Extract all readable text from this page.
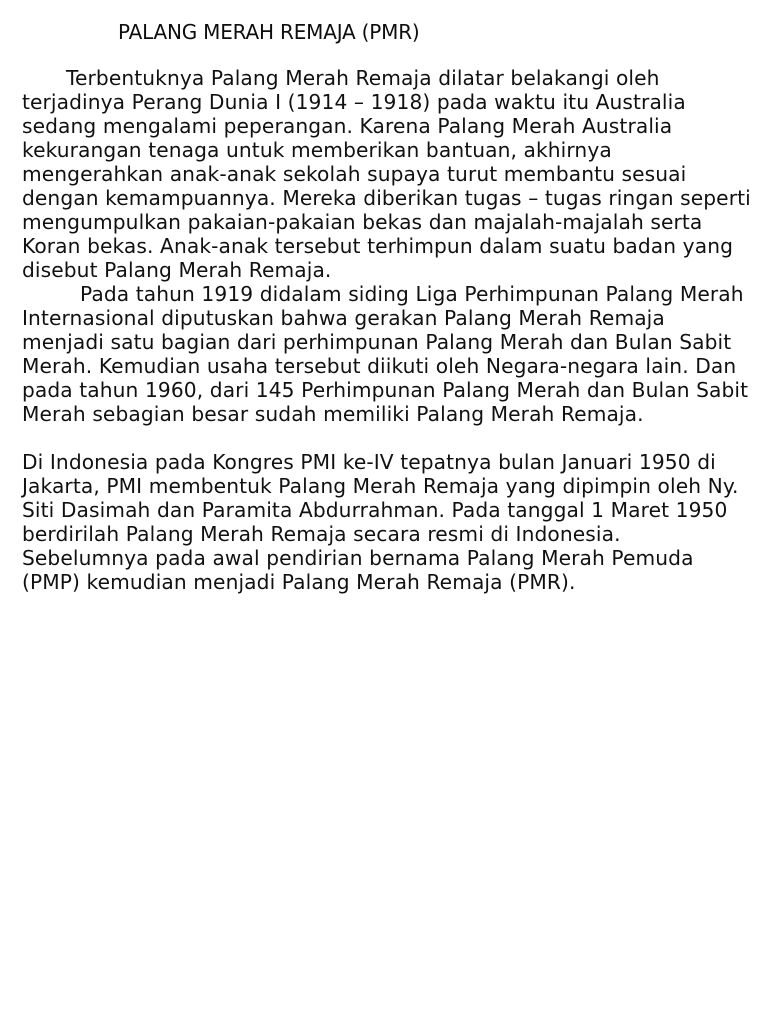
PALANG MERAH REMAJA (PMR)

Terbentuknya Palang Merah Remaja dilatar belakangi oleh terjadinya Perang Dunia I (1914 – 1918) pada waktu itu Australia sedang mengalami peperangan. Karena Palang Merah Australia kekurangan tenaga untuk memberikan bantuan, akhirnya mengerahkan anak-anak sekolah supaya turut membantu sesuai dengan kemampuannya. Mereka diberikan tugas – tugas ringan seperti mengumpulkan pakaian-pakaian bekas dan majalah-majalah serta Koran bekas. Anak-anak tersebut terhimpun dalam suatu badan yang disebut Palang Merah Remaja.

Pada tahun 1919 didalam siding Liga Perhimpunan Palang Merah Internasional diputuskan bahwa gerakan Palang Merah Remaja menjadi satu bagian dari perhimpunan Palang Merah dan Bulan Sabit Merah. Kemudian usaha tersebut diikuti oleh Negara-negara lain. Dan pada tahun 1960, dari 145 Perhimpunan Palang Merah dan Bulan Sabit Merah sebagian besar sudah memiliki Palang Merah Remaja.

Di Indonesia pada Kongres PMI ke-IV tepatnya bulan Januari 1950 di Jakarta, PMI membentuk Palang Merah Remaja yang dipimpin oleh Ny. Siti Dasimah dan Paramita Abdurrahman. Pada tanggal 1 Maret 1950 berdirilah Palang Merah Remaja secara resmi di Indonesia. Sebelumnya pada awal pendirian bernama Palang Merah Pemuda (PMP) kemudian menjadi Palang Merah Remaja (PMR).
